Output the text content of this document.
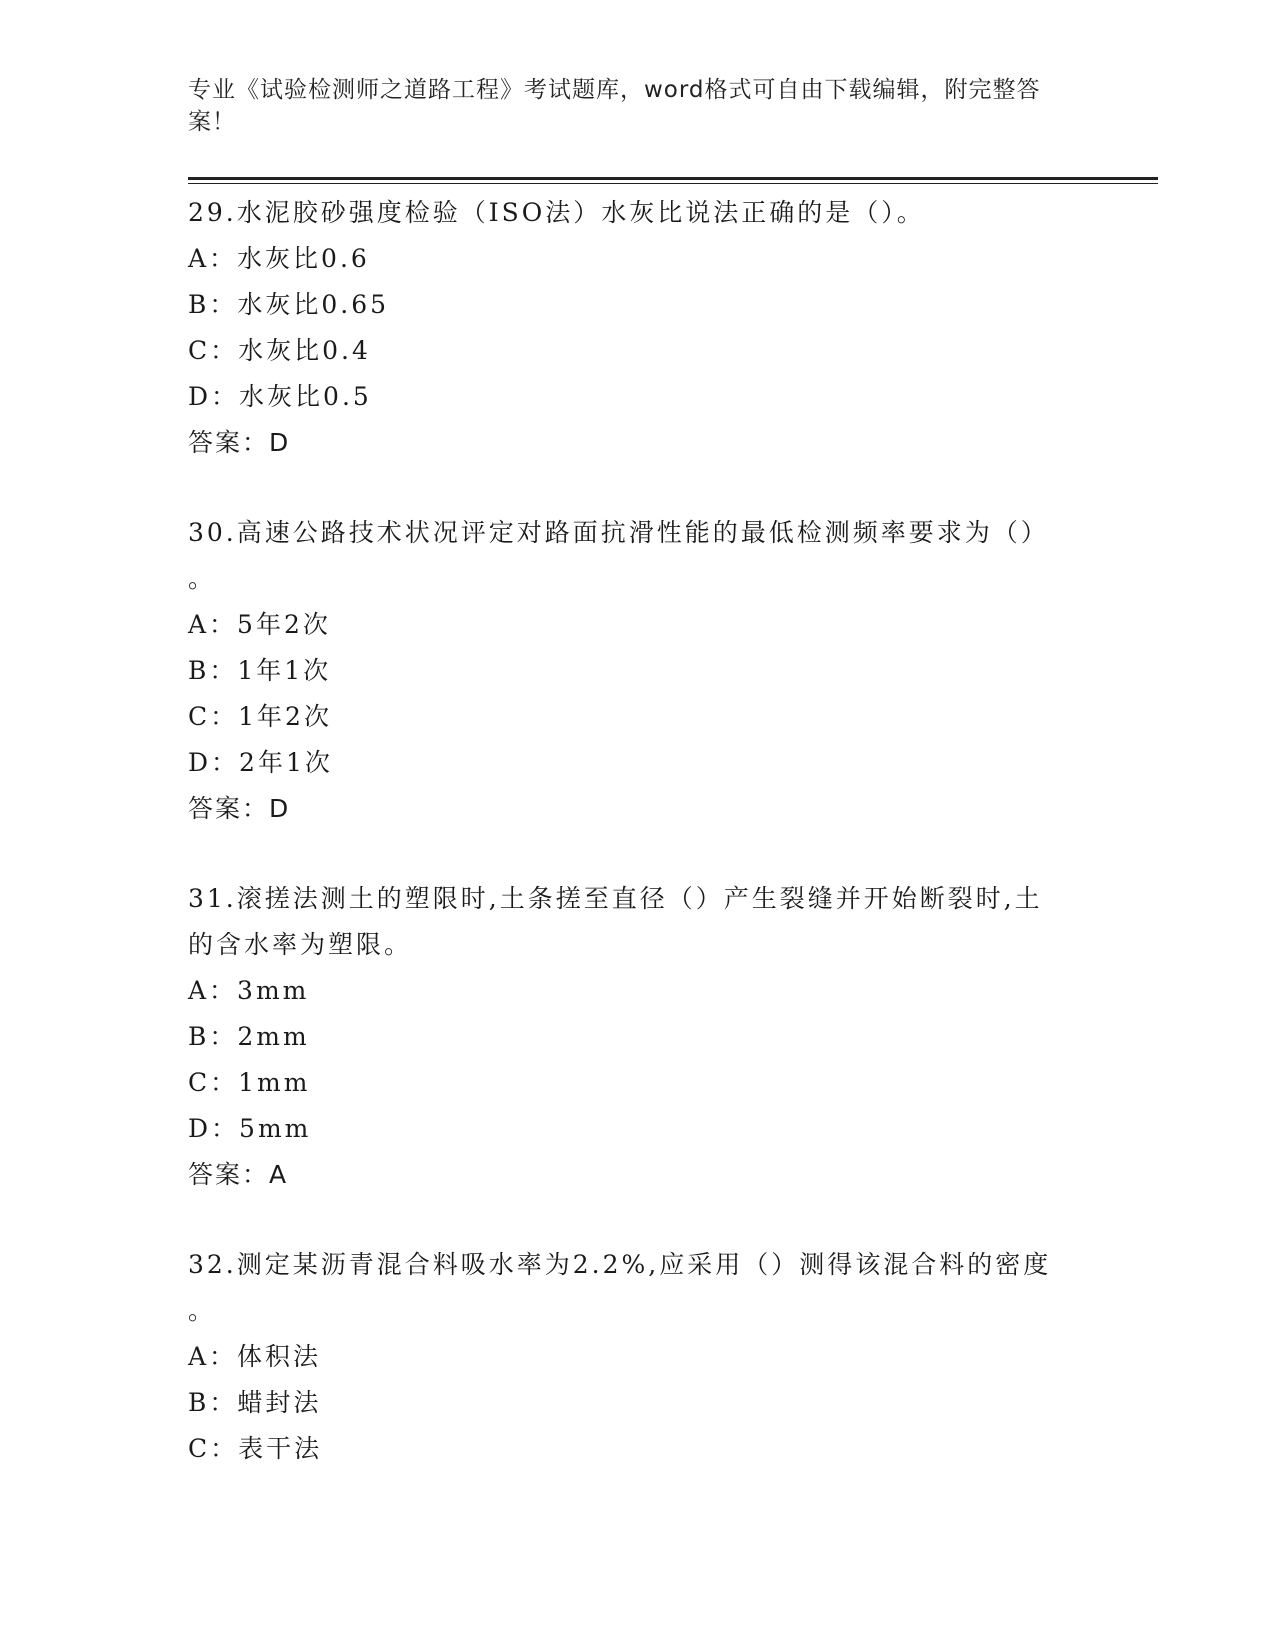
专业《试验检测师之道路工程》考试题库，word格式可自由下载编辑，附完整答
案！

29.水泥胶砂强度检验（ISO法）水灰比说法正确的是（）。

A：水灰比0.6

B：水灰比0.65

C：水灰比0.4

D：水灰比0.5

答案：D

30.高速公路技术状况评定对路面抗滑性能的最低检测频率要求为（）

。

A：5年2次

B：1年1次

C：1年2次

D：2年1次

答案：D

31.滚搓法测土的塑限时,土条搓至直径（）产生裂缝并开始断裂时,土

的含水率为塑限。

A：3mm

B：2mm

C：1mm

D：5mm

答案：A

32.测定某沥青混合料吸水率为2.2%,应采用（）测得该混合料的密度

。

A：体积法

B：蜡封法

C：表干法
